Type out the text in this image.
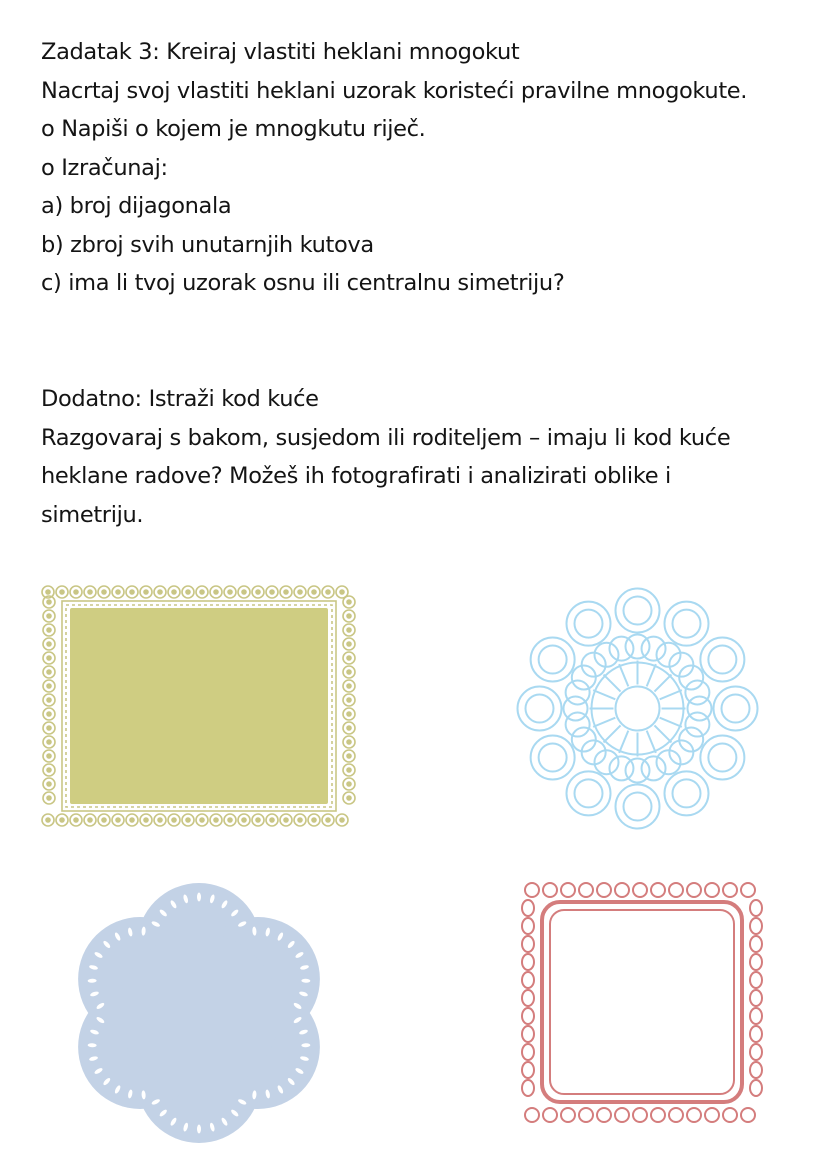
Zadatak 3: Kreiraj vlastiti heklani mnogokut
Nacrtaj svoj vlastiti heklani uzorak koristeći pravilne mnogokute.
o Napiši o kojem je mnogkutu riječ.
o Izračunaj:
a) broj dijagonala
b) zbroj svih unutarnjih kutova
c) ima li tvoj uzorak osnu ili centralnu simetriju?
Dodatno: Istraži kod kuće
Razgovaraj s bakom, susjedom ili roditeljem – imaju li kod kuće
heklane radove? Možeš ih fotografirati i analizirati oblike i
simetriju.
